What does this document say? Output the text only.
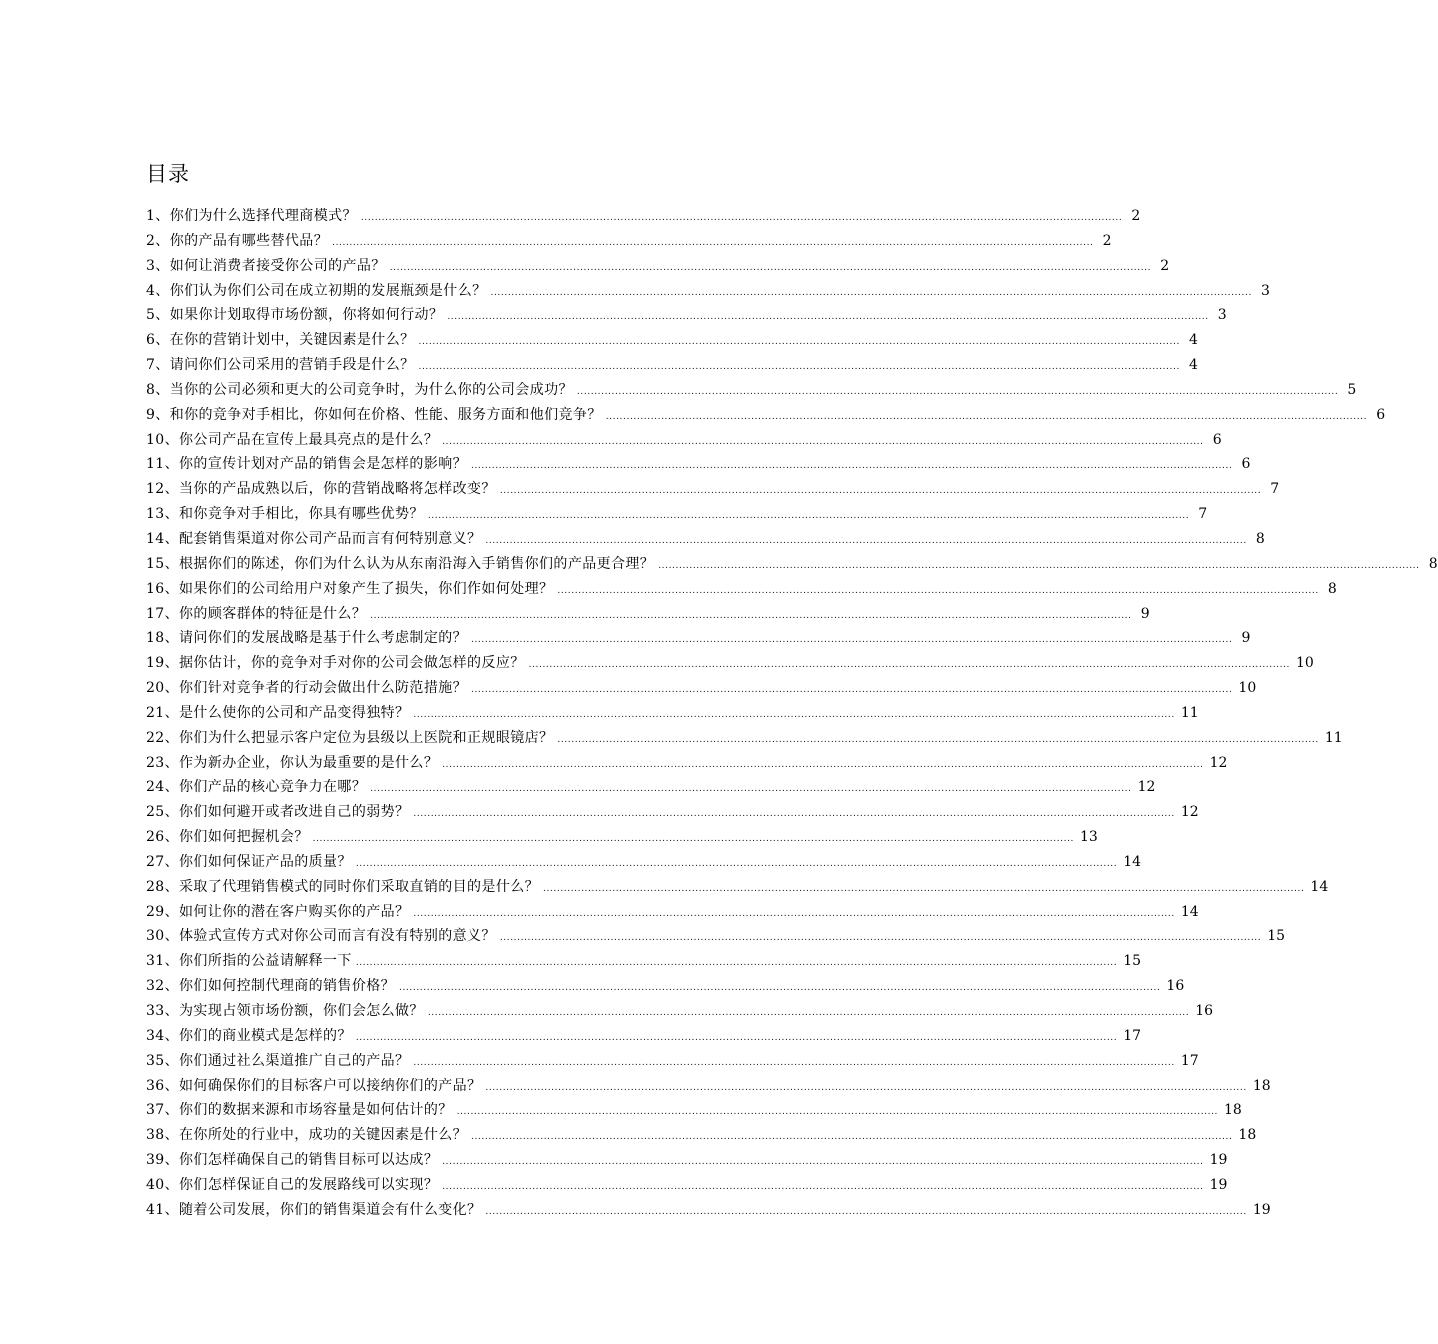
目录
1、你们为什么选择代理商模式？ ............................................................................................................................................................................................................................ 2
2、你的产品有哪些替代品？ ............................................................................................................................................................................................................................ 2
3、如何让消费者接受你公司的产品？ ............................................................................................................................................................................................................................ 2
4、你们认为你们公司在成立初期的发展瓶颈是什么？ ............................................................................................................................................................................................................................ 3
5、如果你计划取得市场份额，你将如何行动？ ............................................................................................................................................................................................................................ 3
6、在你的营销计划中，关键因素是什么？ ............................................................................................................................................................................................................................ 4
7、请问你们公司采用的营销手段是什么？ ............................................................................................................................................................................................................................ 4
8、当你的公司必须和更大的公司竞争时，为什么你的公司会成功？ ............................................................................................................................................................................................................................ 5
9、和你的竞争对手相比，你如何在价格、性能、服务方面和他们竞争？ ............................................................................................................................................................................................................................ 6
10、你公司产品在宣传上最具亮点的是什么？ ............................................................................................................................................................................................................................ 6
11、你的宣传计划对产品的销售会是怎样的影响？ ............................................................................................................................................................................................................................ 6
12、当你的产品成熟以后，你的营销战略将怎样改变？ ............................................................................................................................................................................................................................ 7
13、和你竞争对手相比，你具有哪些优势？ ............................................................................................................................................................................................................................ 7
14、配套销售渠道对你公司产品而言有何特别意义？ ............................................................................................................................................................................................................................ 8
15、根据你们的陈述，你们为什么认为从东南沿海入手销售你们的产品更合理？ ............................................................................................................................................................................................................................ 8
16、如果你们的公司给用户对象产生了损失，你们作如何处理？ ............................................................................................................................................................................................................................ 8
17、你的顾客群体的特征是什么？ ............................................................................................................................................................................................................................ 9
18、请问你们的发展战略是基于什么考虑制定的？ ............................................................................................................................................................................................................................ 9
19、据你估计，你的竞争对手对你的公司会做怎样的反应？ ............................................................................................................................................................................................................................ 10
20、你们针对竞争者的行动会做出什么防范措施？ ............................................................................................................................................................................................................................ 10
21、是什么使你的公司和产品变得独特？ ............................................................................................................................................................................................................................ 11
22、你们为什么把显示客户定位为县级以上医院和正规眼镜店？ ............................................................................................................................................................................................................................ 11
23、作为新办企业，你认为最重要的是什么？ ............................................................................................................................................................................................................................ 12
24、你们产品的核心竞争力在哪？ ............................................................................................................................................................................................................................ 12
25、你们如何避开或者改进自己的弱势？ ............................................................................................................................................................................................................................ 12
26、你们如何把握机会？ ............................................................................................................................................................................................................................ 13
27、你们如何保证产品的质量？ ............................................................................................................................................................................................................................ 14
28、采取了代理销售模式的同时你们采取直销的目的是什么？ ............................................................................................................................................................................................................................ 14
29、如何让你的潜在客户购买你的产品？ ............................................................................................................................................................................................................................ 14
30、体验式宣传方式对你公司而言有没有特别的意义？ ............................................................................................................................................................................................................................ 15
31、你们所指的公益请解释一下 ............................................................................................................................................................................................................................ 15
32、你们如何控制代理商的销售价格？ ............................................................................................................................................................................................................................ 16
33、为实现占领市场份额，你们会怎么做？ ............................................................................................................................................................................................................................ 16
34、你们的商业模式是怎样的？ ............................................................................................................................................................................................................................ 17
35、你们通过社么渠道推广自己的产品？ ............................................................................................................................................................................................................................ 17
36、如何确保你们的目标客户可以接纳你们的产品？ ............................................................................................................................................................................................................................ 18
37、你们的数据来源和市场容量是如何估计的？ ............................................................................................................................................................................................................................ 18
38、在你所处的行业中，成功的关键因素是什么？ ............................................................................................................................................................................................................................ 18
39、你们怎样确保自己的销售目标可以达成？ ............................................................................................................................................................................................................................ 19
40、你们怎样保证自己的发展路线可以实现？ ............................................................................................................................................................................................................................ 19
41、随着公司发展，你们的销售渠道会有什么变化？ ............................................................................................................................................................................................................................ 19
